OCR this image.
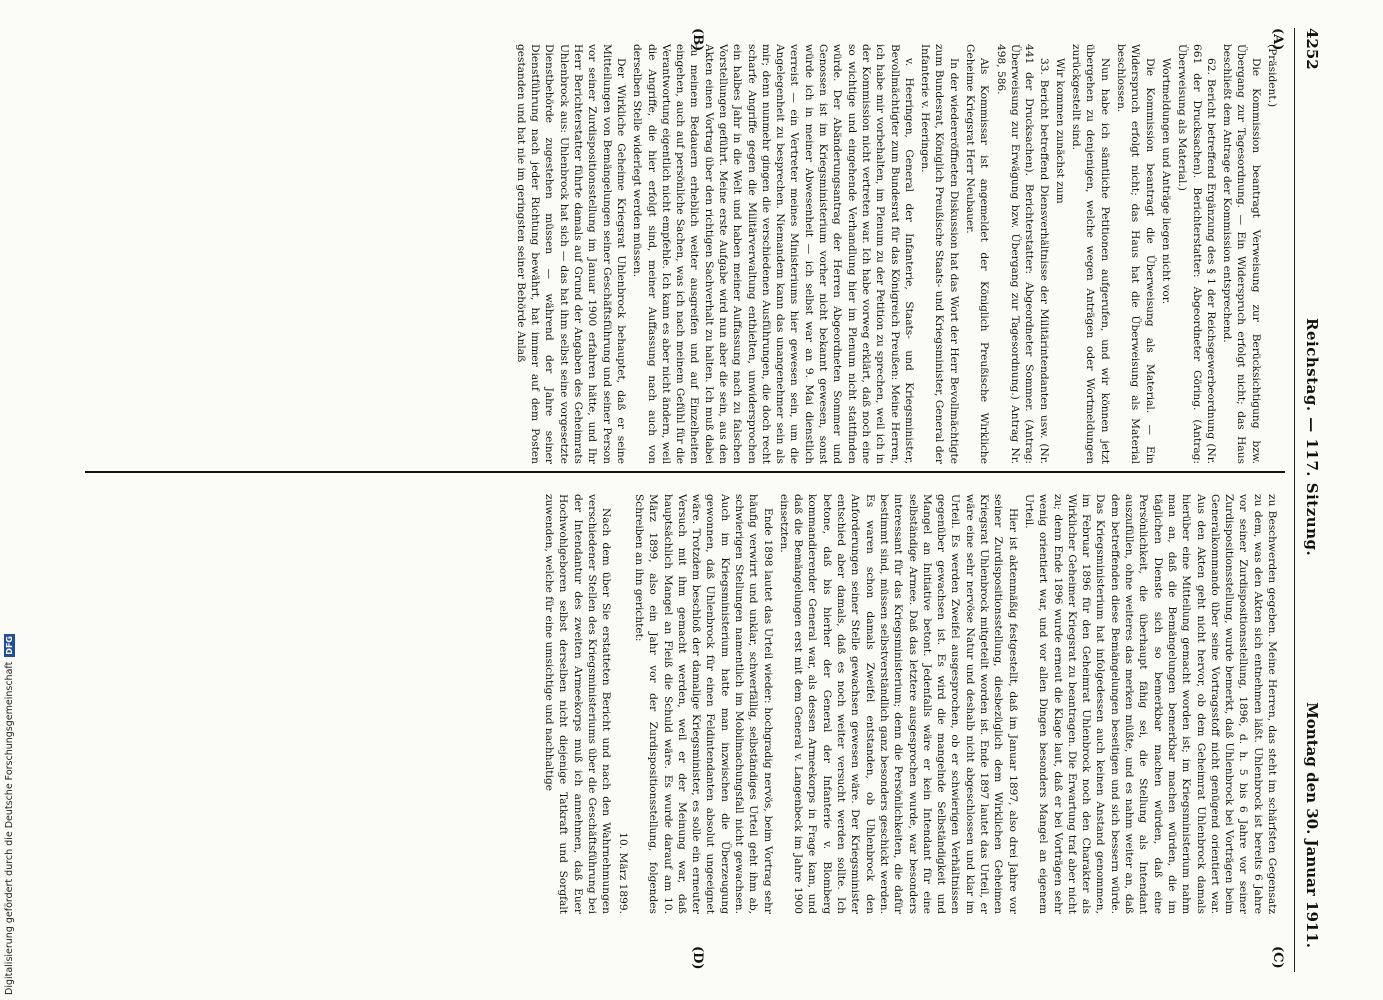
4252
Reichstag. — 117. Sitzung.
Montag den 30. Januar 1911.
(A)
(B)
(C)
(D)

(Präsident.)

Die Kommission beantragt Verweisung zur Berücksichtigung bzw. Übergang zur Tagesordnung. — Ein Widerspruch erfolgt nicht; das Haus beschließt dem Antrage der Kommission entsprechend.

62. Bericht betreffend Ergänzung des § 1 der Reichsgewerbeordnung (Nr. 661 der Drucksachen). Berichterstatter: Abgeordneter Göring. (Antrag: Überweisung als Material.)

Wortmeldungen und Anträge liegen nicht vor.

Die Kommission beantragt die Überweisung als Material. — Ein Widerspruch erfolgt nicht; das Haus hat die Überweisung als Material beschlossen.

Nun habe ich sämtliche Petitionen aufgerufen, und wir können jetzt übergehen zu denjenigen, welche wegen Anträgen oder Wortmeldungen zurückgestellt sind.

Wir kommen zunächst zum

33. Bericht betreffend Diensverhältnisse der Militärintendanten usw. (Nr. 441 der Drucksachen). Berichterstatter: Abgeordneter Sommer. (Antrag: Überweisung zur Erwägung bzw. Übergang zur Tagesordnung.) Antrag Nr. 498, 586.

Als Kommissar ist angemeldet der Königlich Preußische Wirkliche Geheime Kriegsrat Herr Neubauer.

In der wiedereröffneten Diskussion hat das Wort der Herr Bevollmächtigte zum Bundesrat, Königlich Preußische Staats- und Kriegsminister, General der Infanterie v. Heeringen.

v. Heeringen, General der Infanterie, Staats- und Kriegsminister, Bevollmächtigter zum Bundesrat für das Königreich Preußen: Meine Herren, ich habe mir vorbehalten, im Plenum zu der Petition zu sprechen, weil ich in der Kommission nicht vertreten war. Ich habe vorweg erklärt, daß noch eine so wichtige und eingehende Verhandlung hier im Plenum nicht stattfinden würde. Der Abänderungsantrag der Herren Abgeordneten Sommer und Genossen ist im Kriegsministerium vorher nicht bekannt gewesen, sonst würde ich in meiner Abwesenheit — ich selbst war an 9. Mai dienstlich verreist — ein Vertreter meines Ministeriums hier gewesen sein, um die Angelegenheit zu besprechen. Niemandem kann das unangenehmer sein als mir; denn nunmehr gingen die verschiedenen Ausführungen, die doch recht scharfe Angriffe gegen die Militärverwaltung enthielten, unwidersprochen ein halbes Jahr in die Welt und haben meiner Auffassung nach zu falschen Vorstellungen geführt. Meine erste Aufgabe wird nun aber die sein, aus den Akten einen Vortrag über den richtigen Sachverhalt zu halten. Ich muß dabei zu meinem Bedauern erheblich weiter ausgreifen und auf Einzelheiten eingehen, auch auf persönliche Sachen, was ich nach meinem Gefühl für die Verantwortung eigentlich nicht empfehle. Ich kann es aber nicht ändern, weil die Angriffe, die hier erfolgt sind, meiner Auffassung nach auch von derselben Stelle widerlegt werden müssen.

Der Wirkliche Geheime Kriegsrat Uhlenbrock behauptet, daß er seine Mitteilungen von Bemängelungen seiner Geschäftsführung und seiner Person vor seiner Zurdispositionsstellung im Januar 1900 erfahren hätte, und Ihr Herr Berichterstatter führte damals auf Grund der Angaben des Geheimrats Uhlenbrock aus: Uhlenbrock hat sich — das hat ihm selbst seine vorgesetzte Dienstbehörde zugestehen müssen — während der Jahre seiner Dienstführung nach jeder Richtung bewährt, hat immer auf dem Posten gestanden und hat nie im geringsten seiner Behörde Anlaß

zu Beschwerden gegeben. Meine Herren, das steht im schärfsten Gegensatz zu dem, was den Akten sich entnehmen läßt. Uhlenbrock ist bereits 6 Jahre vor seiner Zurdispositionsstellung, 1896, d. h. 5 bis 6 Jahre vor seiner Zurdispositionsstellung, wurde bemerkt, daß Uhlenbrock bei Vorträgen beim Generalkommando über seine Vortragsstoff nicht genügend orientiert war. Aus den Akten geht nicht hervor, ob dem Geheimrat Uhlenbrock damals hierüber eine Mitteilung gemacht worden ist; im Kriegsministerium nahm man an, daß die Bemängelungen bemerkbar machen würden, die im täglichen Dienste sich so bemerkbar machen würden, daß eine Persönlichkeit, die überhaupt fähig sei, die Stellung als Intendant auszufüllen, ohne weiteres das merken müßte, und es nahm weiter an, daß dem betreffenden diese Bemängelungen beseitigen und sich bessern würde. Das Kriegsministerium hat infolgedessen auch keinen Anstand genommen, im Februar 1896 für den Geheimrat Uhlenbrock noch den Charakter als Wirklicher Geheimer Kriegsrat zu beantragen. Die Erwartung traf aber nicht zu; denn Ende 1896 wurde erneut die Klage laut, daß er bei Vorträgen sehr wenig orientiert war, und vor allen Dingen besonders Mangel an eigenem Urteil.

Hier ist aktenmäßig festgestellt, daß im Januar 1897, also drei Jahre vor seiner Zurdispositionsstellung, diesbezüglich dem Wirklichen Geheimen Kriegsrat Uhlenbrock mitgeteilt worden ist. Ende 1897 lautet das Urteil, er wäre eine sehr nervöse Natur und deshalb nicht abgeschlossen und klar im Urteil. Es werden Zweifel ausgesprochen, ob er schwierigen Verhältnissen gegenüber gewachsen ist. Es wird die mangelnde Selbständigkeit und Mangel an Initiative betont. Jedenfalls wäre er kein Intendant für eine selbständige Armee. Daß das letztere ausgesprochen wurde, war besonders interessant für das Kriegsministerium; denn die Persönlichkeiten, die dafür bestimmt sind, müssen selbstverständlich ganz besonders geschickt werden. Es waren schon damals Zweifel entstanden, ob Uhlenbrock den Anforderungen seiner Stelle gewachsen gewesen wäre. Der Kriegsminister entschied aber damals, daß es noch weiter versucht werden sollte. Ich betone, daß bis hierher der General der Infanterie v. Blomberg kommandierender General war, als dessen Armeekorps in Frage kam, und daß die Bemängelungen erst mit dem General v. Langenbeck im Jahre 1900 einsetzten.

Ende 1898 lautet das Urteil wieder: hochgradig nervös, beim Vortrag sehr häufig verwirrt und unklar, schwerfällig, selbständiges Urteil geht ihm ab, schwierigen Stellungen namentlich im Mobilmachungsfall nicht gewachsen. Auch im Kriegsministerium hatte man inzwischen die Überzeugung gewonnen, daß Uhlenbrock für einen Feldintendanten absolut ungeeignet wäre. Trotzdem beschloß der damalige Kriegsminister, es solle ein erneuter Versuch mit ihm gemacht werden, weil er der Meinung war, daß hauptsächlich Mangel an Fleiß die Schuld wäre. Es wurde darauf am 10. März 1899, also ein Jahr vor der Zurdispositionsstellung, folgendes Schreiben an ihn gerichtet:

10. März 1899.

Nach dem über Sie erstatteten Bericht und nach den Wahrnehmungen verschiedener Stellen des Kriegsministeriums über die Geschäftsführung bei der Intendantur des zweiten Armeekorps muß ich annehmen, daß Euer Hochwohlgeboren selbst derselben nicht diejenige Tatkraft und Sorgfalt zuwenden, welche für eine umsichtige und nachhaltige

Digitalisierung gefördert durch die Deutsche Forschungsgemeinschaft
DFG
